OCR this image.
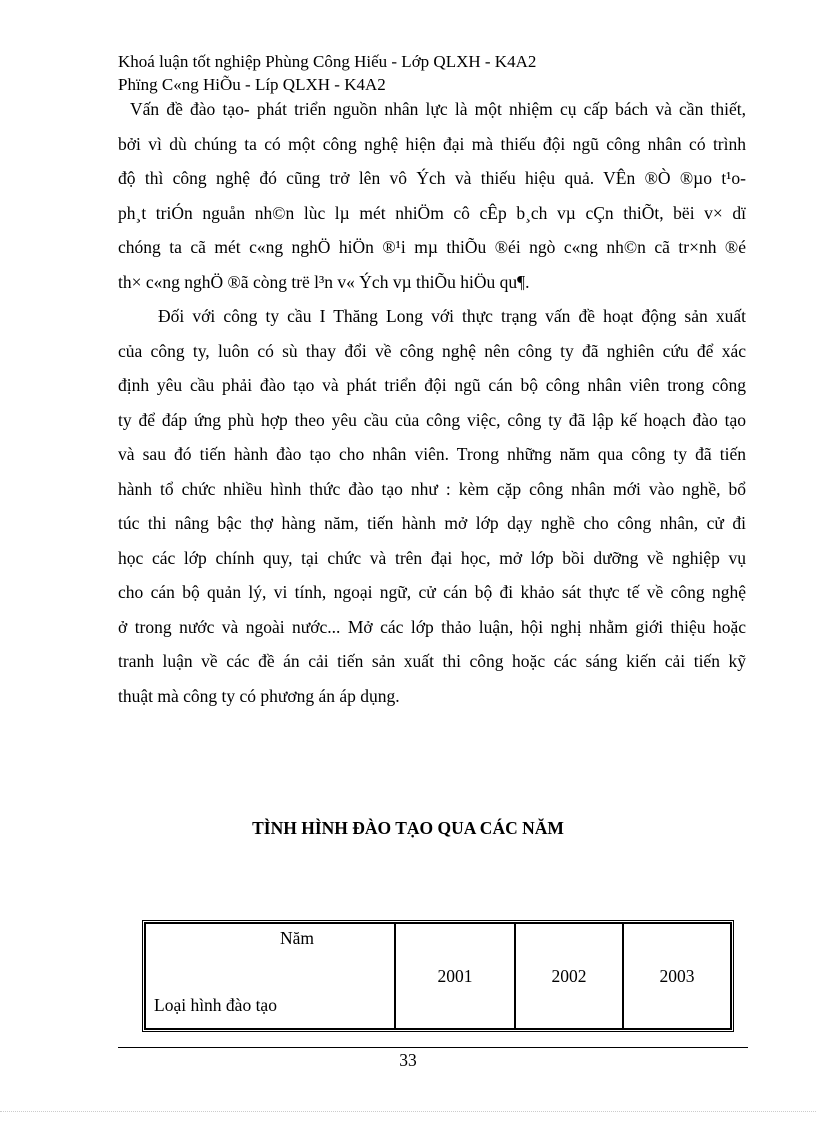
Khoá luận tốt nghiệp Phùng Công Hiếu - Lớp QLXH - K4A2
Phïng C«ng HiÕu - Líp QLXH - K4A2
Vấn đề đào tạo- phát triển nguồn nhân lực là một nhiệm cụ cấp bách và cần thiết,
bởi vì dù chúng ta có một công nghệ hiện đại mà thiếu đội ngũ công nhân có trình
độ thì công nghệ đó cũng trở lên vô Ých và thiếu hiệu quả. VÊn ®Ò ®µo t¹o-
ph¸t triÓn nguån nh©n lùc lµ mét nhiÖm cô cÊp b¸ch vµ cÇn thiÕt, bëi v× dï
chóng ta cã mét c«ng nghÖ hiÖn ®¹i mµ thiÕu ®éi ngò c«ng nh©n cã tr×nh ®é
th× c«ng nghÖ ®ã còng trë l³n v« Ých vµ thiÕu hiÖu qu¶.
Đối với công ty cầu I Thăng Long với thực trạng vấn đề hoạt động sản xuất
của công ty, luôn có sù thay đổi về công nghệ nên công ty đã nghiên cứu để xác
định yêu cầu phải đào tạo và phát triển đội ngũ cán bộ công nhân viên trong công
ty để đáp ứng phù hợp theo yêu cầu của công việc, công ty đã lập kế hoạch đào tạo
và sau đó tiến hành đào tạo cho nhân viên. Trong những năm qua công ty đã tiến
hành tổ chức nhiều hình thức đào tạo như : kèm cặp công nhân mới vào nghề, bổ
túc thi nâng bậc thợ hàng năm, tiến hành mở lớp dạy nghề cho công nhân, cử đi
học các lớp chính quy, tại chức và trên đại học, mở lớp bồi dưỡng về nghiệp vụ
cho cán bộ quản lý, vi tính, ngoại ngữ, cử cán bộ đi khảo sát thực tế về công nghệ
ở trong nước và ngoài nước... Mở các lớp thảo luận, hội nghị nhằm giới thiệu hoặc
tranh luận về các đề án cải tiến sản xuất thi công hoặc các sáng kiến cải tiến kỹ
thuật mà công ty có phương án áp dụng.
TÌNH HÌNH ĐÀO TẠO QUA CÁC NĂM
Năm
Loại hình đào tạo
	2001	2002	2003
33
